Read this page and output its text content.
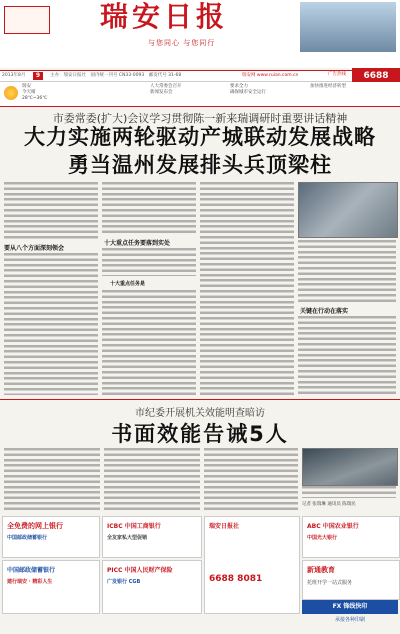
瑞安日报
与您同心 与您同行
2013年8月	9	主办：瑞安日报社　国内统一刊号 CN33-0093　邮发代号 31-68	瑞安网 www.ruian.com.cn	广告热线	6688
瑞安
今天晴
28℃~36℃
人大常委会召开
新闻发布会
要求全力
确保城市安全运行
加快推进经济转型
市委常委(扩大)会议学习贯彻陈一新来瑞调研时重要讲话精神
大力实施两轮驱动产城联动发展战略
勇当温州发展排头兵顶梁柱
要从八个方面深刻领会
十大重点任务要落到实处
十大重点任务是
关键在行动在落实
市纪委开展机关效能明查暗访
书面效能告诫5人
记者 张瑞琳 通讯员 陈瑞民
全免费的网上银行
中国邮政储蓄银行
中国邮政储蓄银行
建行瑞安 · 精彩人生
ICBC 中国工商银行
全友家私大型促销
PICC 中国人民财产保险
广发银行 CGB
瑞安日报社
6688 8081
ABC 中国农业银行
中国光大银行
新通教育
托班开学一站式服务
FX 锋线快印
承接各种印刷
